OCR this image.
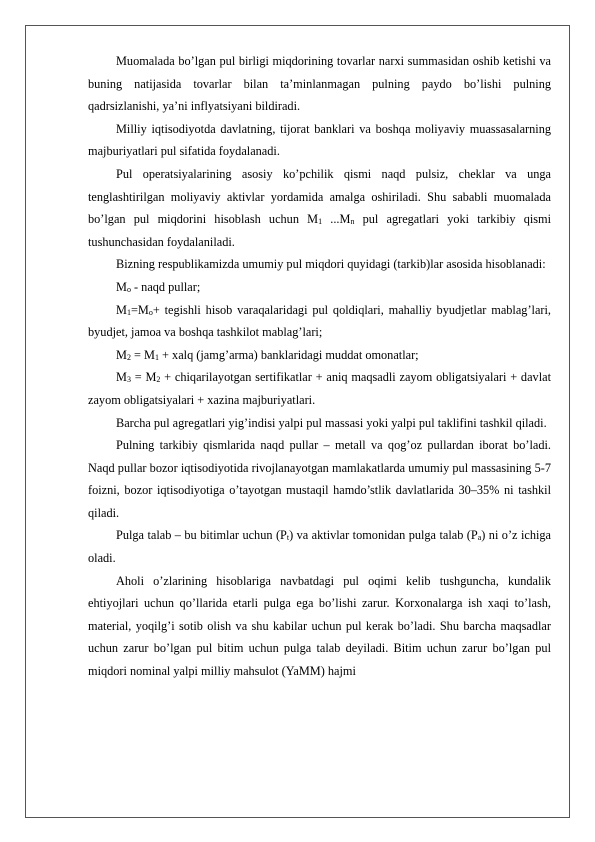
Muomalada bo’lgan pul birligi miqdorining tovarlar narxi summasidan oshib ketishi va buning natijasida tovarlar bilan ta’minlanmagan pulning paydo bo’lishi pulning qadrsizlanishi, ya’ni inflyatsiyani bildiradi.

Milliy iqtisodiyotda davlatning, tijorat banklari va boshqa moliyaviy muassasalarning majburiyatlari pul sifatida foydalanadi.

Pul operatsiyalarining asosiy ko’pchilik qismi naqd pulsiz, cheklar va unga tenglashtirilgan moliyaviy aktivlar yordamida amalga oshiriladi. Shu sababli muomalada bo’lgan pul miqdorini hisoblash uchun $M_1$ $...M_n$ pul agregatlari yoki tarkibiy qismi tushunchasidan foydalaniladi.

Bizning respublikamizda umumiy pul miqdori quyidagi (tarkib)lar asosida hisoblanadi:

$M_o$ - naqd pullar;

$M_1=M_o+$ tegishli hisob varaqalaridagi pul qoldiqlari, mahalliy byudjetlar mablag’lari, byudjet, jamoa va boshqa tashkilot mablag’lari;

$M_2 = M_1$ + xalq (jamg’arma) banklaridagi muddat omonatlar;

$M_3 = M_2$ + chiqarilayotgan sertifikatlar + aniq maqsadli zayom obligatsiyalari + davlat zayom obligatsiyalari + xazina majburiyatlari.

Barcha pul agregatlari yig’indisi yalpi pul massasi yoki yalpi pul taklifini tashkil qiladi.

Pulning tarkibiy qismlarida naqd pullar – metall va qog’oz pullardan iborat bo’ladi. Naqd pullar bozor iqtisodiyotida rivojlanayotgan mamlakatlarda umumiy pul massasining 5-7 foizni, bozor iqtisodiyotiga o’tayotgan mustaqil hamdo’stlik davlatlarida 30–35% ni tashkil qiladi.

Pulga talab – bu bitimlar uchun $(P_t)$ va aktivlar tomonidan pulga talab $(P_a)$ ni o’z ichiga oladi.

Aholi o’zlarining hisoblariga navbatdagi pul oqimi kelib tushguncha, kundalik ehtiyojlari uchun qo’llarida etarli pulga ega bo’lishi zarur. Korxonalarga ish xaqi to’lash, material, yoqilg’i sotib olish va shu kabilar uchun pul kerak bo’ladi. Shu barcha maqsadlar uchun zarur bo’lgan pul bitim uchun pulga talab deyiladi. Bitim uchun zarur bo’lgan pul miqdori nominal yalpi milliy mahsulot (YaMM) hajmi
